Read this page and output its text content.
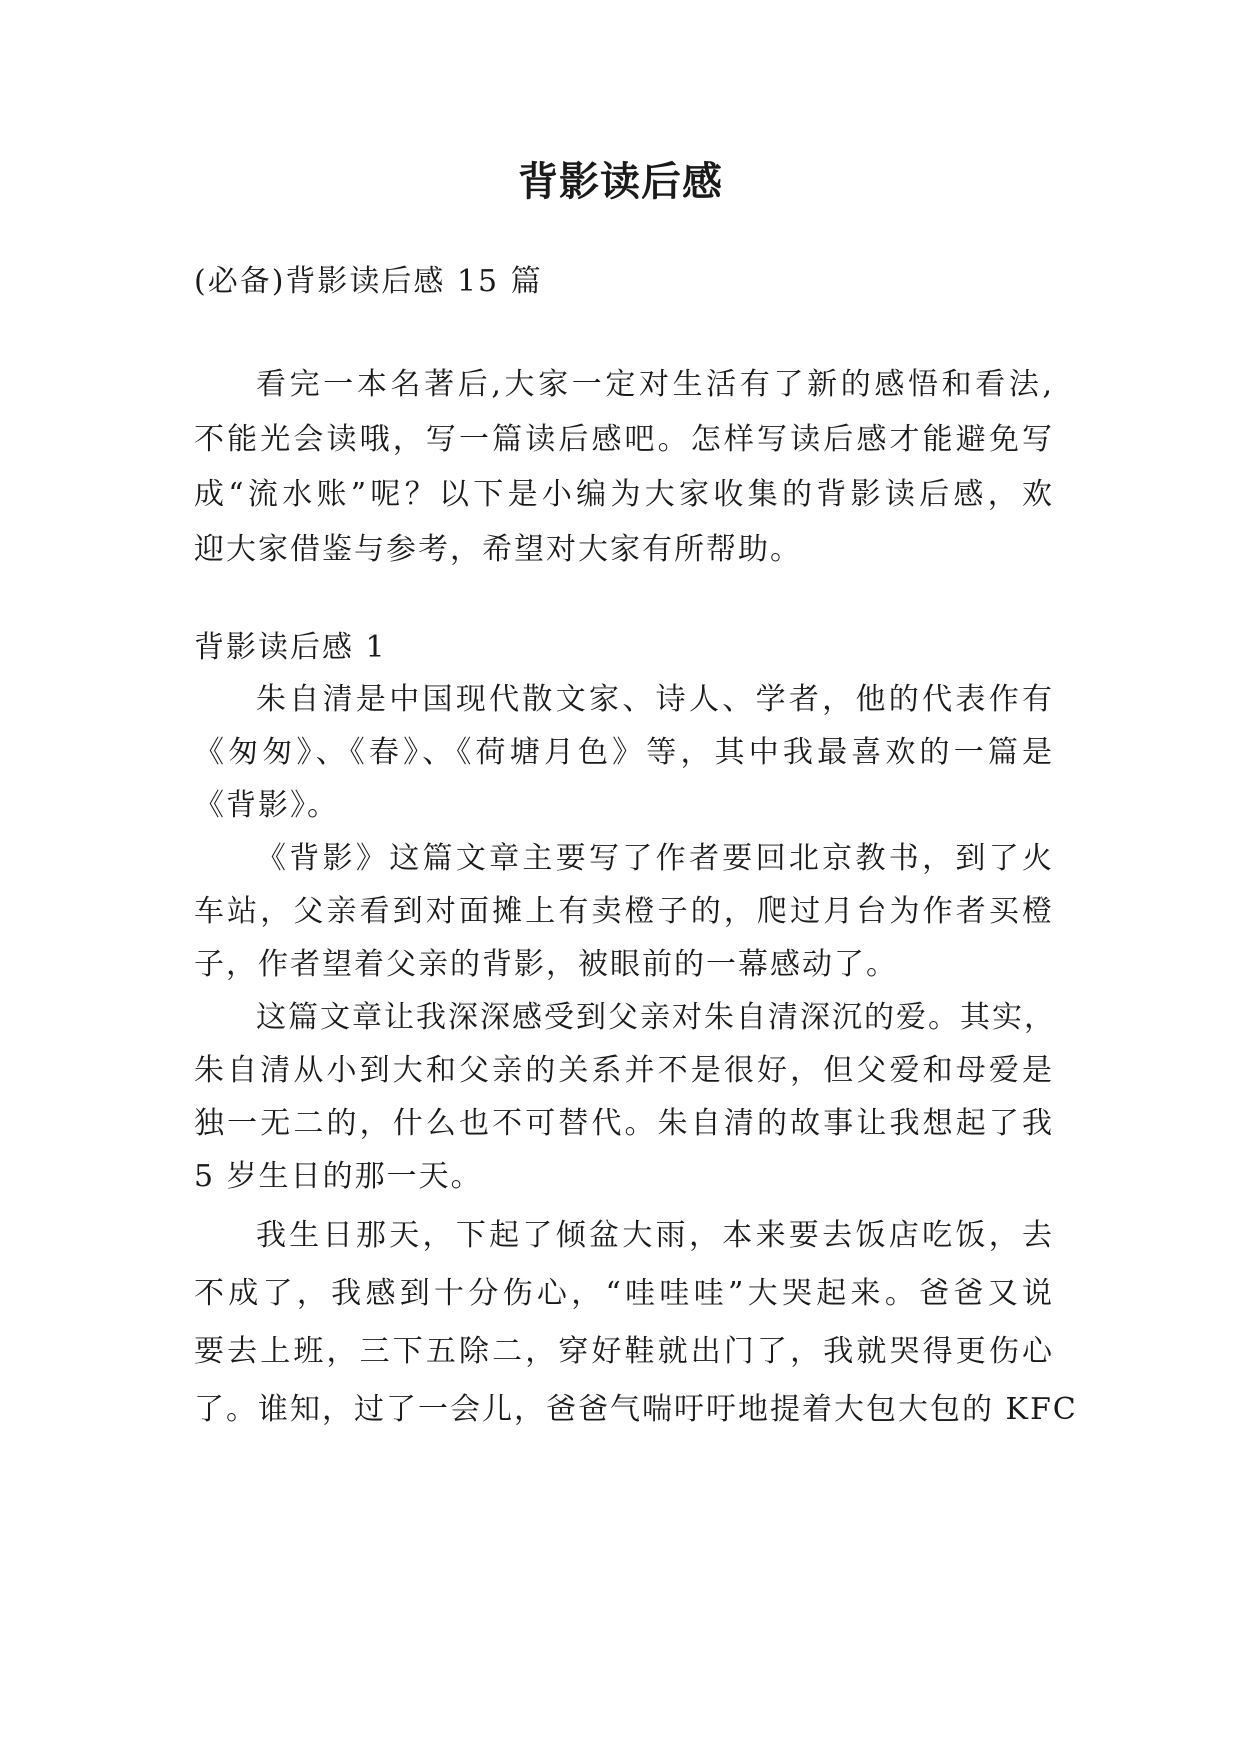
背影读后感
(必备)背影读后感 15 篇
看完一本名著后,大家一定对生活有了新的感悟和看法,
不能光会读哦，写一篇读后感吧。怎样写读后感才能避免写
成“流水账”呢？以下是小编为大家收集的背影读后感，欢
迎大家借鉴与参考，希望对大家有所帮助。
背影读后感 1
朱自清是中国现代散文家、诗人、学者，他的代表作有
《匆匆》、《春》、《荷塘月色》等，其中我最喜欢的一篇是
《背影》。
《背影》这篇文章主要写了作者要回北京教书，到了火
车站，父亲看到对面摊上有卖橙子的，爬过月台为作者买橙
子，作者望着父亲的背影，被眼前的一幕感动了。
这篇文章让我深深感受到父亲对朱自清深沉的爱。其实，
朱自清从小到大和父亲的关系并不是很好，但父爱和母爱是
独一无二的，什么也不可替代。朱自清的故事让我想起了我
5 岁生日的那一天。
我生日那天，下起了倾盆大雨，本来要去饭店吃饭，去
不成了，我感到十分伤心，“哇哇哇”大哭起来。爸爸又说
要去上班，三下五除二，穿好鞋就出门了，我就哭得更伤心
了。谁知，过了一会儿，爸爸气喘吁吁地提着大包大包的 KFC
